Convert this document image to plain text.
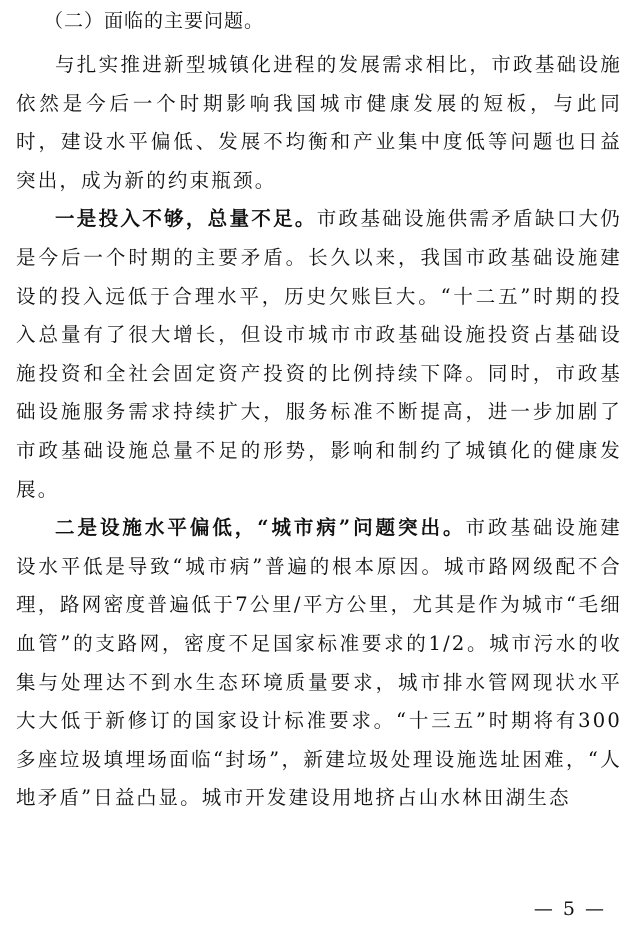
（二）面临的主要问题。

与扎实推进新型城镇化进程的发展需求相比，市政基础设施依然是今后一个时期影响我国城市健康发展的短板，与此同时，建设水平偏低、发展不均衡和产业集中度低等问题也日益突出，成为新的约束瓶颈。

一是投入不够，总量不足。市政基础设施供需矛盾缺口大仍是今后一个时期的主要矛盾。长久以来，我国市政基础设施建设的投入远低于合理水平，历史欠账巨大。“十二五”时期的投入总量有了很大增长，但设市城市市政基础设施投资占基础设施投资和全社会固定资产投资的比例持续下降。同时，市政基础设施服务需求持续扩大，服务标准不断提高，进一步加剧了市政基础设施总量不足的形势，影响和制约了城镇化的健康发展。

二是设施水平偏低，“城市病”问题突出。市政基础设施建设水平低是导致“城市病”普遍的根本原因。城市路网级配不合理，路网密度普遍低于7公里/平方公里，尤其是作为城市“毛细血管”的支路网，密度不足国家标准要求的1/2。城市污水的收集与处理达不到水生态环境质量要求，城市排水管网现状水平大大低于新修订的国家设计标准要求。“十三五”时期将有300多座垃圾填埋场面临“封场”，新建垃圾处理设施选址困难，“人地矛盾”日益凸显。城市开发建设用地挤占山水林田湖生态

— 5 —
